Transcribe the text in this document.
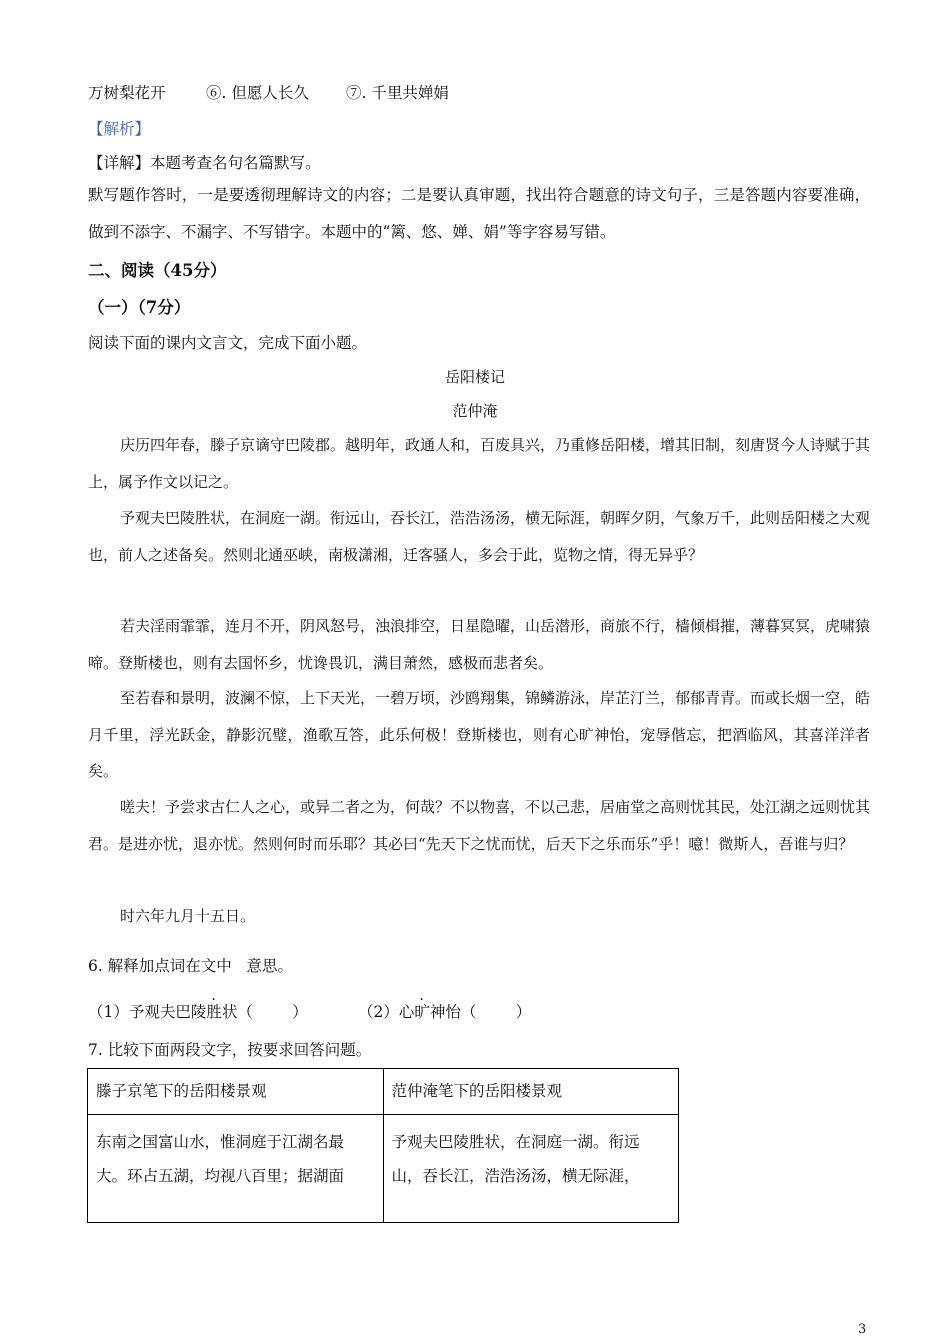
万树梨花开	⑥. 但愿人长久 ⑦. 千里共婵娟
【解析】
【详解】本题考查名句名篇默写。
默写题作答时，一是要透彻理解诗文的内容；二是要认真审题，找出符合题意的诗文句子，三是答题内容要准确，做到不添字、不漏字、不写错字。本题中的“篱、悠、婵、娟”等字容易写错。
二、阅读（45分）
（一）（7分）
阅读下面的课内文言文，完成下面小题。
岳阳楼记
范仲淹
庆历四年春，滕子京谪守巴陵郡。越明年，政通人和，百废具兴，乃重修岳阳楼，增其旧制，刻唐贤今人诗赋于其上，属予作文以记之。
予观夫巴陵胜状，在洞庭一湖。衔远山，吞长江，浩浩汤汤，横无际涯，朝晖夕阴，气象万千，此则岳阳楼之大观也，前人之述备矣。然则北通巫峡，南极潇湘，迁客骚人，多会于此，览物之情，得无异乎？
若夫淫雨霏霏，连月不开，阴风怒号，浊浪排空，日星隐曜，山岳潜形，商旅不行，樯倾楫摧，薄暮冥冥，虎啸猿啼。登斯楼也，则有去国怀乡，忧谗畏讥，满目萧然，感极而悲者矣。
至若春和景明，波澜不惊，上下天光，一碧万顷，沙鸥翔集，锦鳞游泳，岸芷汀兰，郁郁青青。而或长烟一空，皓月千里，浮光跃金，静影沉璧，渔歌互答，此乐何极！登斯楼也，则有心旷神怡，宠辱偕忘，把酒临风，其喜洋洋者矣。
嗟夫！予尝求古仁人之心，或异二者之为，何哉？不以物喜，不以己悲，居庙堂之高则忧其民，处江湖之远则忧其君。是进亦忧，退亦忧。然则何时而乐耶？其必曰“先天下之忧而忧，后天下之乐而乐”乎！噫！微斯人，吾谁与归？
时六年九月十五日。
6. 解释加点词在文中   意思。
（1）予观夫巴陵胜状（        ）	（2）心旷神怡（        ）
7. 比较下面两段文字，按要求回答问题。
滕子京笔下的岳阳楼景观	范仲淹笔下的岳阳楼景观
东南之国富山水，惟洞庭于江湖名最大。环占五湖，均视八百里；据湖面	予观夫巴陵胜状，在洞庭一湖。衔远山，吞长江，浩浩汤汤，横无际涯，
3
